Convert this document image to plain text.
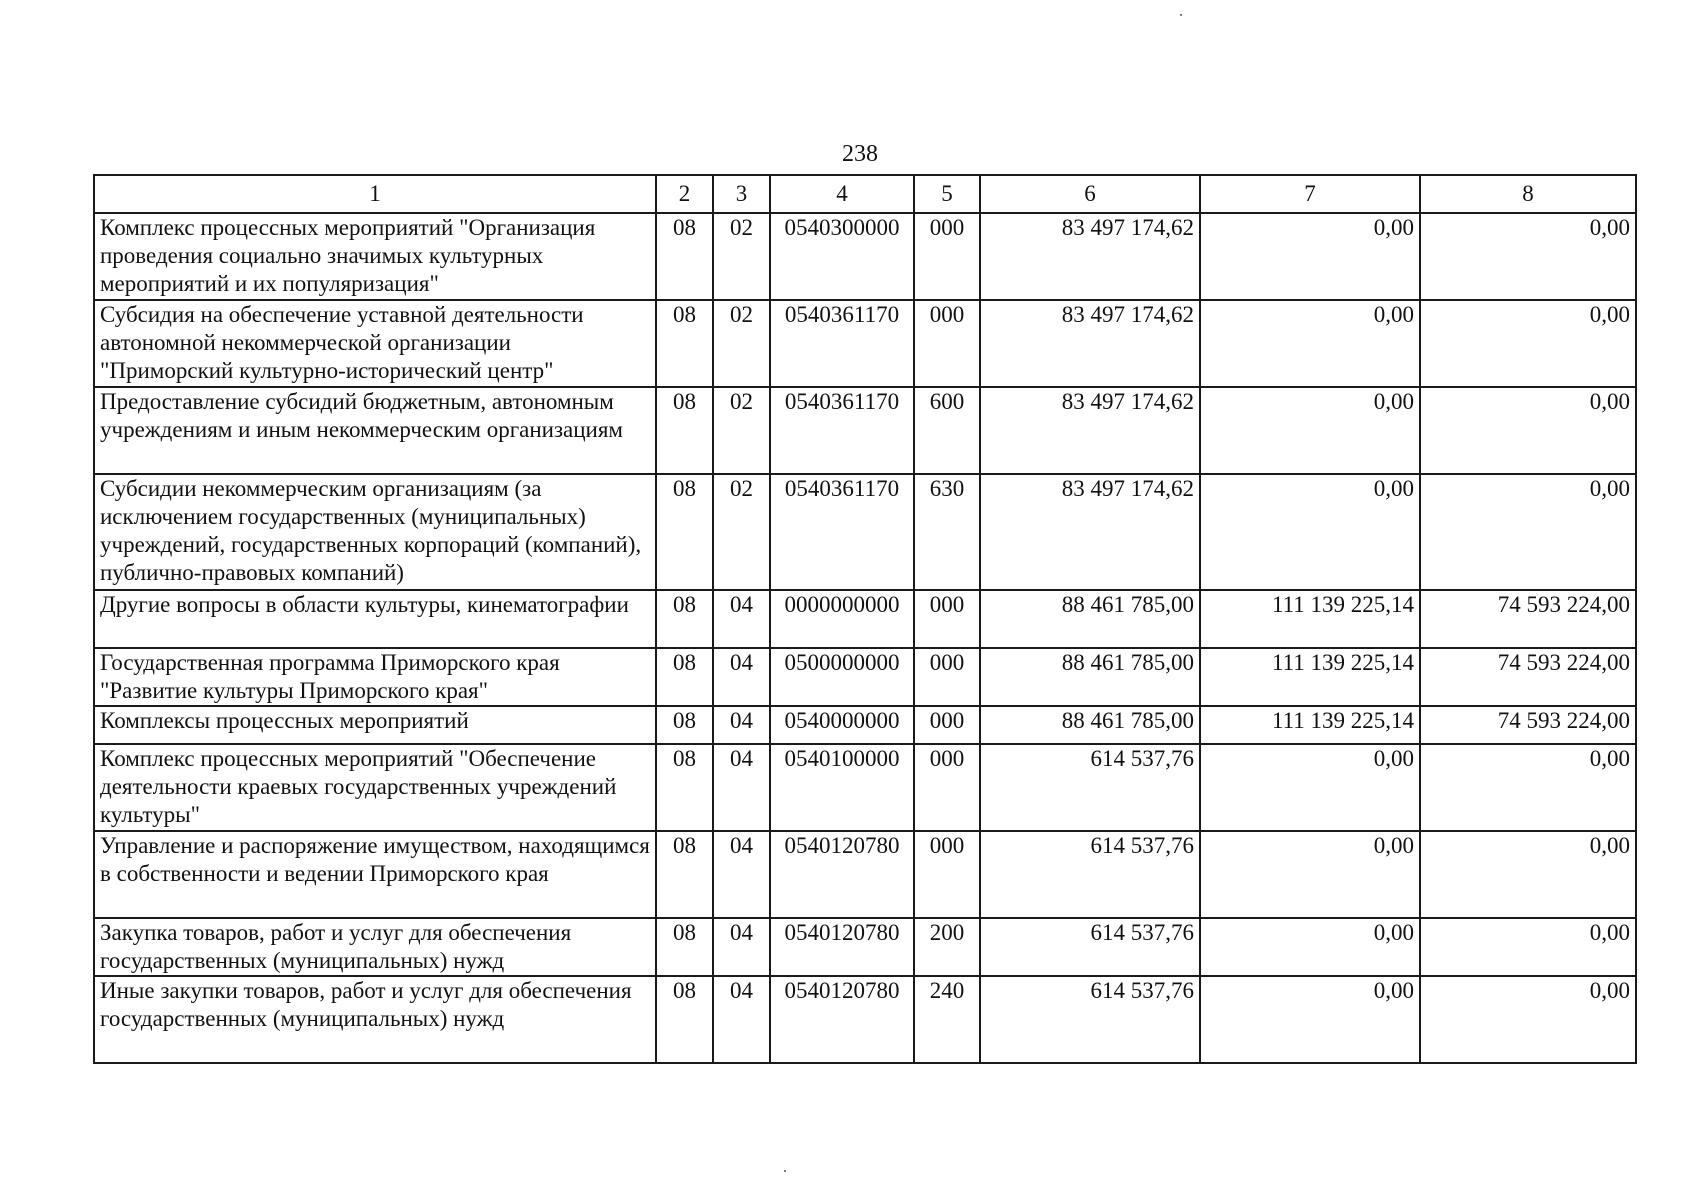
238
1	2	3	4	5	6	7	8
Комплекс процессных мероприятий "Организация проведения социально значимых культурных мероприятий и их популяризация"	08	02	0540300000	000	83 497 174,62	0,00	0,00
Субсидия на обеспечение уставной деятельности автономной некоммерческой организации "Приморский культурно-исторический центр"	08	02	0540361170	000	83 497 174,62	0,00	0,00
Предоставление субсидий бюджетным, автономным учреждениям и иным некоммерческим организациям	08	02	0540361170	600	83 497 174,62	0,00	0,00
Субсидии некоммерческим организациям (за исключением государственных (муниципальных) учреждений, государственных корпораций (компаний), публично-правовых компаний)	08	02	0540361170	630	83 497 174,62	0,00	0,00
Другие вопросы в области культуры, кинематографии	08	04	0000000000	000	88 461 785,00	111 139 225,14	74 593 224,00
Государственная программа Приморского края "Развитие культуры Приморского края"	08	04	0500000000	000	88 461 785,00	111 139 225,14	74 593 224,00
Комплексы процессных мероприятий	08	04	0540000000	000	88 461 785,00	111 139 225,14	74 593 224,00
Комплекс процессных мероприятий "Обеспечение деятельности краевых государственных учреждений культуры"	08	04	0540100000	000	614 537,76	0,00	0,00
Управление и распоряжение имуществом, находящимся в собственности и ведении Приморского края	08	04	0540120780	000	614 537,76	0,00	0,00
Закупка товаров, работ и услуг для обеспечения государственных (муниципальных) нужд	08	04	0540120780	200	614 537,76	0,00	0,00
Иные закупки товаров, работ и услуг для обеспечения государственных (муниципальных) нужд	08	04	0540120780	240	614 537,76	0,00	0,00
